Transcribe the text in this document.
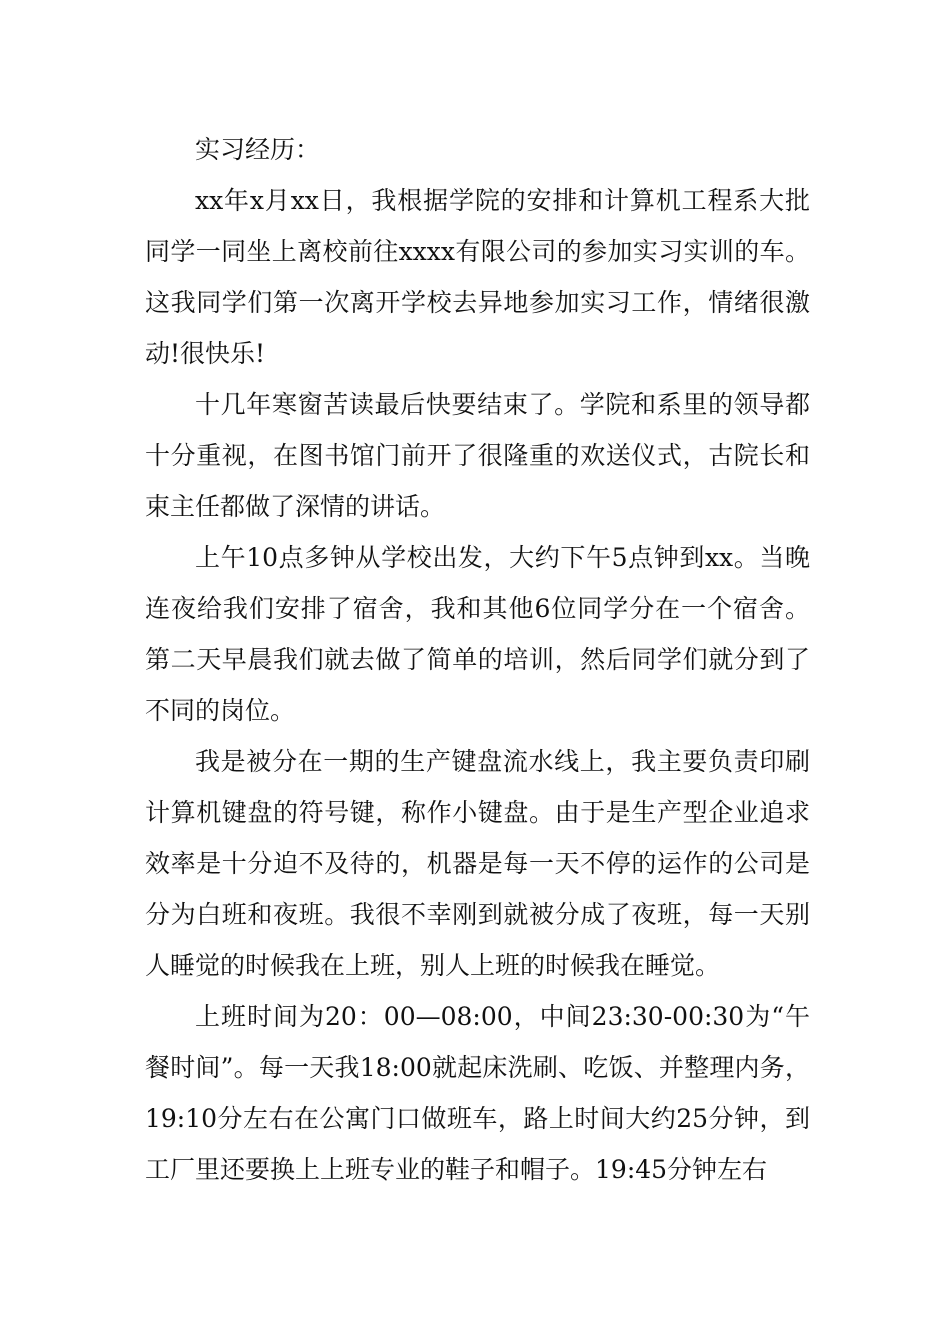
实习经历：

xx年x月xx日，我根据学院的安排和计算机工程系大批同学一同坐上离校前往xxxx有限公司的参加实习实训的车。这我同学们第一次离开学校去异地参加实习工作，情绪很激动!很快乐!

十几年寒窗苦读最后快要结束了。学院和系里的领导都十分重视，在图书馆门前开了很隆重的欢送仪式，古院长和束主任都做了深情的讲话。

上午10点多钟从学校出发，大约下午5点钟到xx。当晚连夜给我们安排了宿舍，我和其他6位同学分在一个宿舍。第二天早晨我们就去做了简单的培训，然后同学们就分到了不同的岗位。

我是被分在一期的生产键盘流水线上，我主要负责印刷计算机键盘的符号键，称作小键盘。由于是生产型企业追求效率是十分迫不及待的，机器是每一天不停的运作的公司是分为白班和夜班。我很不幸刚到就被分成了夜班，每一天别人睡觉的时候我在上班，别人上班的时候我在睡觉。

上班时间为20：00—08:00，中间23:30-00:30为“午餐时间”。每一天我18:00就起床洗刷、吃饭、并整理内务，19:10分左右在公寓门口做班车，路上时间大约25分钟，到工厂里还要换上上班专业的鞋子和帽子。19:45分钟左右
